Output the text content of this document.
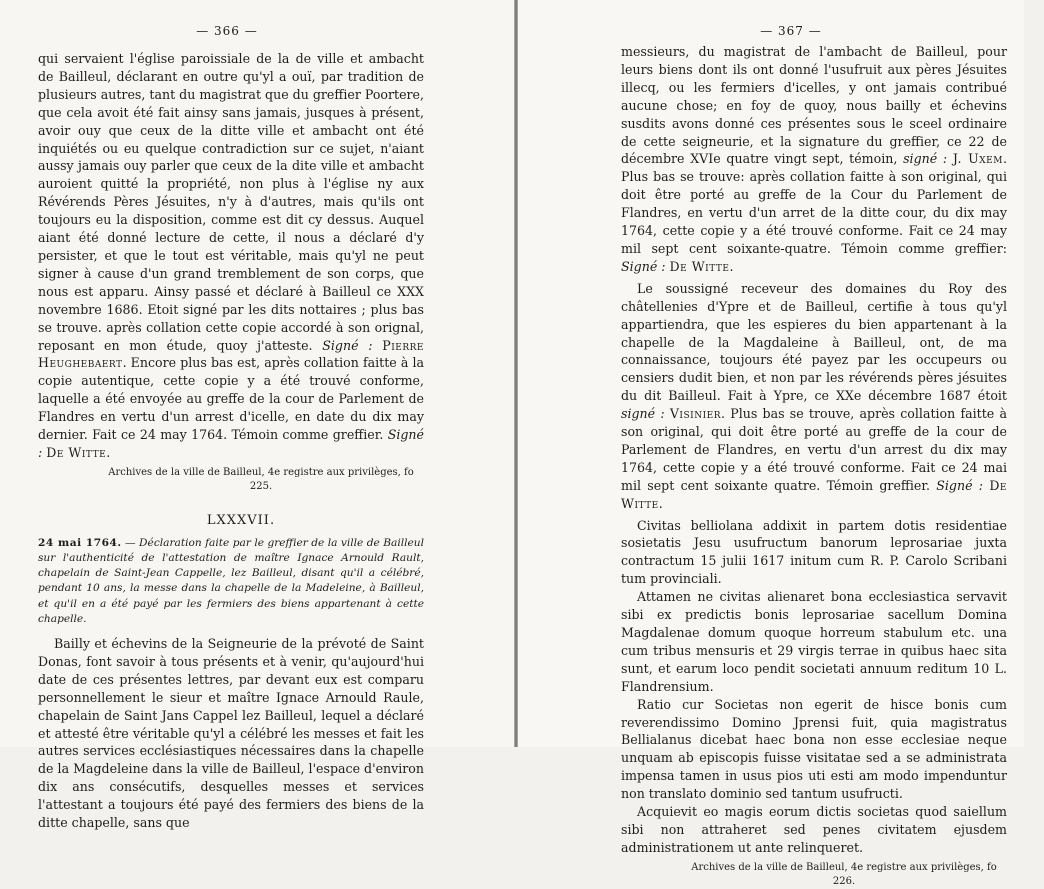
— 366 —

qui servaient l'église paroissiale de la de ville et ambacht de Bailleul, déclarant en outre qu'yl a ouï, par tradition de plusieurs autres, tant du magistrat que du greffier Poortere, que cela avoit été fait ainsy sans jamais, jusques à présent, avoir ouy que ceux de la ditte ville et ambacht ont été inquiétés ou eu quelque contradiction sur ce sujet, n'aiant aussy jamais ouy parler que ceux de la dite ville et ambacht auroient quitté la propriété, non plus à l'église ny aux Révérends Pères Jésuites, n'y à d'autres, mais qu'ils ont toujours eu la disposition, comme est dit cy dessus. Auquel aiant été donné lecture de cette, il nous a déclaré d'y persister, et que le tout est véritable, mais qu'yl ne peut signer à cause d'un grand tremblement de son corps, que nous est apparu. Ainsy passé et déclaré à Bailleul ce XXX novembre 1686. Etoit signé par les dits nottaires ; plus bas se trouve. après collation cette copie accordé à son orignal, reposant en mon étude, quoy j'atteste. Signé : Pierre Heughebaert. Encore plus bas est, après collation faitte à la copie autentique, cette copie y a été trouvé conforme, laquelle a été envoyée au greffe de la cour de Parlement de Flandres en vertu d'un arrest d'icelle, en date du dix may dernier. Fait ce 24 may 1764. Témoin comme greffier. Signé : De Witte.

Archives de la ville de Bailleul, 4e registre aux privilèges, fo 225.
LXXXVII.

24 mai 1764. — Déclaration faite par le greffier de la ville de Bailleul sur l'authenticité de l'attestation de maître Ignace Arnould Rault, chapelain de Saint-Jean Cappelle, lez Bailleul, disant qu'il a célébré, pendant 10 ans, la messe dans la chapelle de la Madeleine, à Bailleul, et qu'il en a été payé par les fermiers des biens appartenant à cette chapelle.

Bailly et échevins de la Seigneurie de la prévoté de Saint Donas, font savoir à tous présents et à venir, qu'aujourd'hui date de ces présentes lettres, par devant eux est comparu personnellement le sieur et maître Ignace Arnould Raule, chapelain de Saint Jans Cappel lez Bailleul, lequel a déclaré et attesté être véritable qu'yl a célébré les messes et fait les autres services ecclésiastiques nécessaires dans la chapelle de la Magdeleine dans la ville de Bailleul, l'espace d'environ dix ans consécutifs, desquelles messes et services l'attestant a toujours été payé des fermiers des biens de la ditte chapelle, sans que

— 367 —

messieurs, du magistrat de l'ambacht de Bailleul, pour leurs biens dont ils ont donné l'usufruit aux pères Jésuites illecq, ou les fermiers d'icelles, y ont jamais contribué aucune chose; en foy de quoy, nous bailly et échevins susdits avons donné ces présentes sous le sceel ordinaire de cette seigneurie, et la signature du greffier, ce 22 de décembre XVIe quatre vingt sept, témoin, signé : J. Uxem. Plus bas se trouve: après collation faitte à son original, qui doit être porté au greffe de la Cour du Parlement de Flandres, en vertu d'un arret de la ditte cour, du dix may 1764, cette copie y a été trouvé conforme. Fait ce 24 may mil sept cent soixante-quatre. Témoin comme greffier: Signé : De Witte.

Le soussigné receveur des domaines du Roy des châtellenies d'Ypre et de Bailleul, certifie à tous qu'yl appartiendra, que les espieres du bien appartenant à la chapelle de la Magdaleine à Bailleul, ont, de ma connaissance, toujours été payez par les occupeurs ou censiers dudit bien, et non par les révérends pères jésuites du dit Bailleul. Fait à Ypre, ce XXe décembre 1687 étoit signé : Visinier. Plus bas se trouve, après collation faitte à son original, qui doit être porté au greffe de la cour de Parlement de Flandres, en vertu d'un arrest du dix may 1764, cette copie y a été trouvé conforme. Fait ce 24 mai mil sept cent soixante quatre. Témoin greffier. Signé : De Witte.

Civitas belliolana addixit in partem dotis residentiae sosietatis Jesu usufructum banorum leprosariae juxta contractum 15 julii 1617 initum cum R. P. Carolo Scribani tum provinciali.

Attamen ne civitas alienaret bona ecclesiastica servavit sibi ex predictis bonis leprosariae sacellum Domina Magdalenae domum quoque horreum stabulum etc. una cum tribus mensuris et 29 virgis terrae in quibus haec sita sunt, et earum loco pendit societati annuum reditum 10 L. Flandrensium.

Ratio cur Societas non egerit de hisce bonis cum reverendissimo Domino Jprensi fuit, quia magistratus Bellialanus dicebat haec bona non esse ecclesiae neque unquam ab episcopis fuisse visitatae sed a se administrata impensa tamen in usus pios uti esti am modo impenduntur non translato dominio sed tantum usufructi.

Acquievit eo magis eorum dictis societas quod saiellum sibi non attraheret sed penes civitatem ejusdem administrationem ut ante relinqueret.

Archives de la ville de Bailleul, 4e registre aux privilèges, fo 226.
